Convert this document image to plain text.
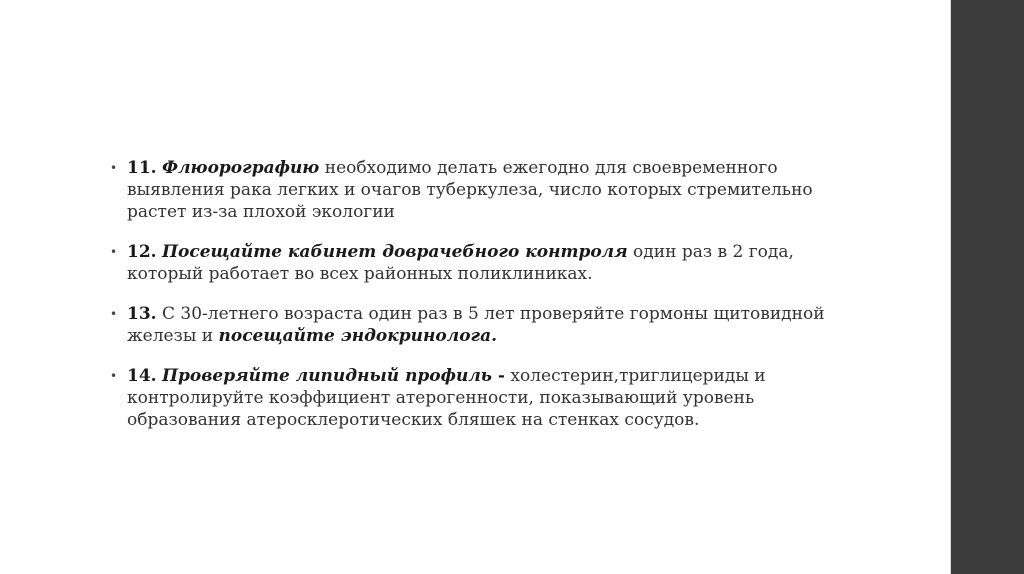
• 11. Флюорографию необходимо делать ежегодно для своевременного выявления рака легких и очагов туберкулеза, число которых стремительно растет из-за плохой экологии
• 12. Посещайте кабинет доврачебного контроля один раз в 2 года, который работает во всех районных поликлиниках.
• 13. С 30-летнего возраста один раз в 5 лет проверяйте гормоны щитовидной железы и посещайте эндокринолога.
• 14. Проверяйте липидный профиль - холестерин,триглицериды и контролируйте коэффициент атерогенности, показывающий уровень образования атеросклеротических бляшек на стенках сосудов.
